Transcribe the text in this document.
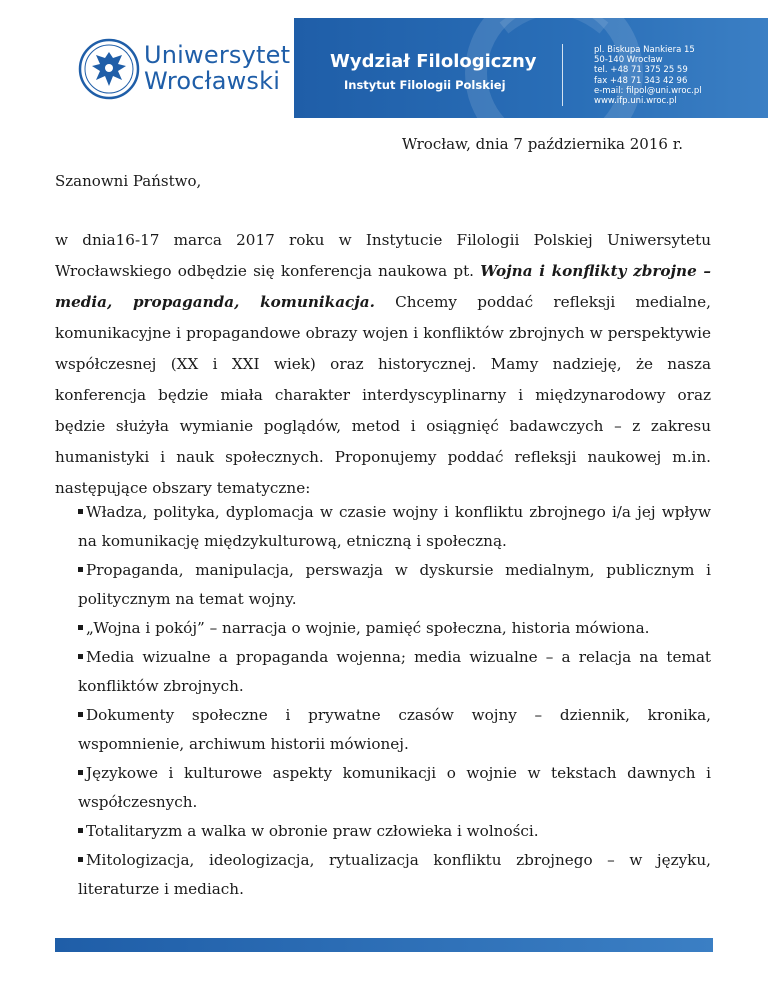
Uniwersytet
Wrocławski
Wydział Filologiczny
Instytut Filologii Polskiej
pl. Biskupa Nankiera 15
50-140 Wrocław
tel. +48 71 375 25 59
fax +48 71 343 42 96
e-mail: filpol@uni.wroc.pl
www.ifp.uni.wroc.pl
Wrocław, dnia 7 października 2016 r.
Szanowni Państwo,

w dnia16-17 marca 2017 roku w Instytucie Filologii Polskiej Uniwersytetu Wrocławskiego odbędzie się konferencja naukowa pt. Wojna i konflikty zbrojne – media, propaganda, komunikacja. Chcemy poddać refleksji medialne, komunikacyjne i propagandowe obrazy wojen i konfliktów zbrojnych w perspektywie współczesnej (XX i XXI wiek) oraz historycznej. Mamy nadzieję, że nasza konferencja będzie miała charakter interdyscyplinarny i międzynarodowy oraz będzie służyła wymianie poglądów, metod i osiągnięć badawczych – z zakresu humanistyki i nauk społecznych. Proponujemy poddać refleksji naukowej m.in. następujące obszary tematyczne:

Władza, polityka, dyplomacja w czasie wojny i konfliktu zbrojnego i/a jej wpływ na komunikację międzykulturową, etniczną i społeczną.
Propaganda, manipulacja, perswazja w dyskursie medialnym, publicznym i politycznym na temat wojny.
„Wojna i pokój” – narracja o wojnie, pamięć społeczna, historia mówiona.
Media wizualne a propaganda wojenna; media wizualne – a relacja na temat konfliktów zbrojnych.
Dokumenty społeczne i prywatne czasów wojny – dziennik, kronika, wspomnienie, archiwum historii mówionej.
Językowe i kulturowe aspekty komunikacji o wojnie w tekstach dawnych i współczesnych.
Totalitaryzm a walka w obronie praw człowieka i wolności.
Mitologizacja, ideologizacja, rytualizacja konfliktu zbrojnego – w języku, literaturze i mediach.
